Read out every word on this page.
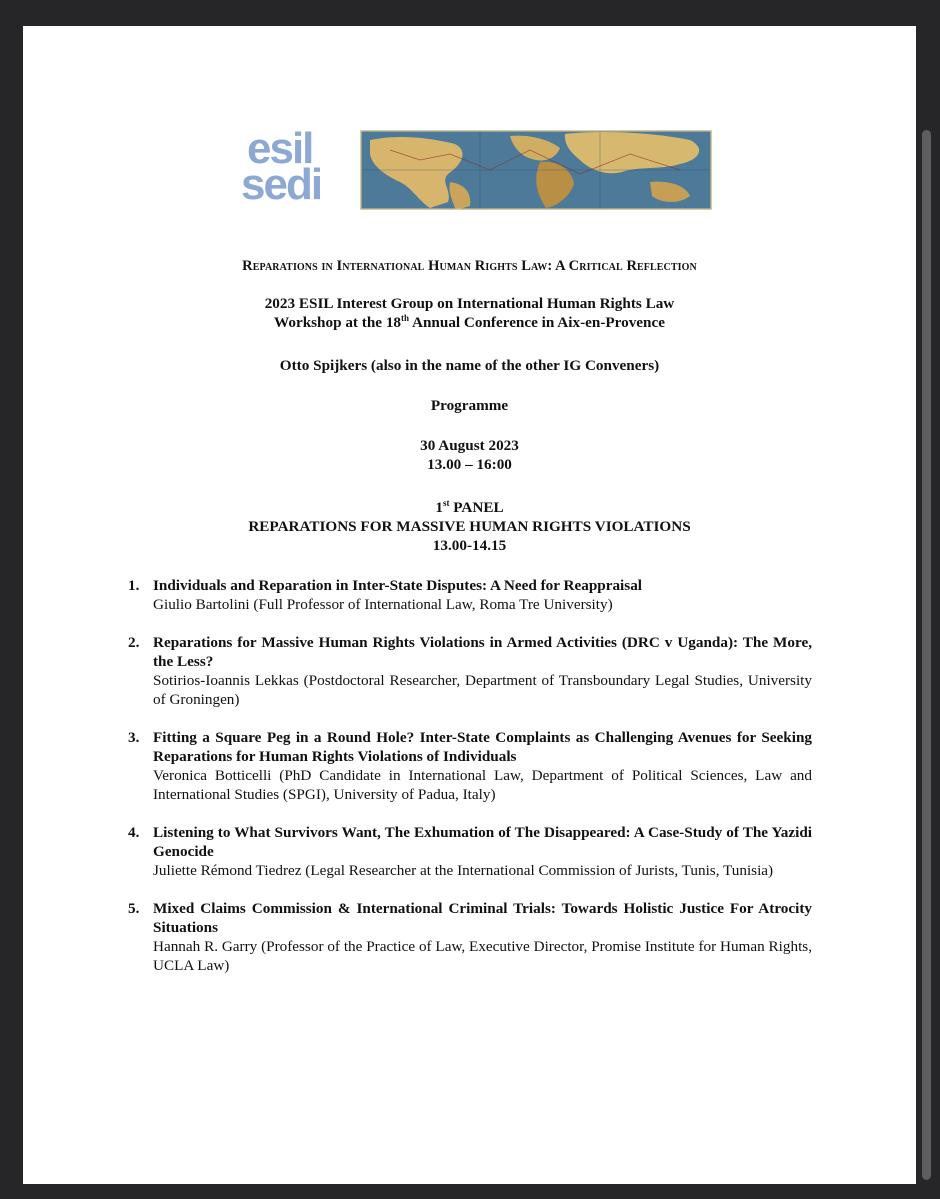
esil
sedi
Reparations in International Human Rights Law: A Critical Reflection
2023 ESIL Interest Group on International Human Rights Law
Workshop at the 18th Annual Conference in Aix-en-Provence
Otto Spijkers (also in the name of the other IG Conveners)
Programme
30 August 2023
13.00 – 16:00
1st PANEL
REPARATIONS FOR MASSIVE HUMAN RIGHTS VIOLATIONS
13.00-14.15
1. Individuals and Reparation in Inter-State Disputes: A Need for Reappraisal
Giulio Bartolini (Full Professor of International Law, Roma Tre University)
2. Reparations for Massive Human Rights Violations in Armed Activities (DRC v Uganda): The More, the Less?
Sotirios-Ioannis Lekkas (Postdoctoral Researcher, Department of Transboundary Legal Studies, University of Groningen)
3. Fitting a Square Peg in a Round Hole? Inter-State Complaints as Challenging Avenues for Seeking Reparations for Human Rights Violations of Individuals
Veronica Botticelli (PhD Candidate in International Law, Department of Political Sciences, Law and International Studies (SPGI), University of Padua, Italy)
4. Listening to What Survivors Want, The Exhumation of The Disappeared: A Case-Study of The Yazidi Genocide
Juliette Rémond Tiedrez (Legal Researcher at the International Commission of Jurists, Tunis, Tunisia)
5. Mixed Claims Commission & International Criminal Trials: Towards Holistic Justice For Atrocity Situations
Hannah R. Garry (Professor of the Practice of Law, Executive Director, Promise Institute for Human Rights, UCLA Law)
